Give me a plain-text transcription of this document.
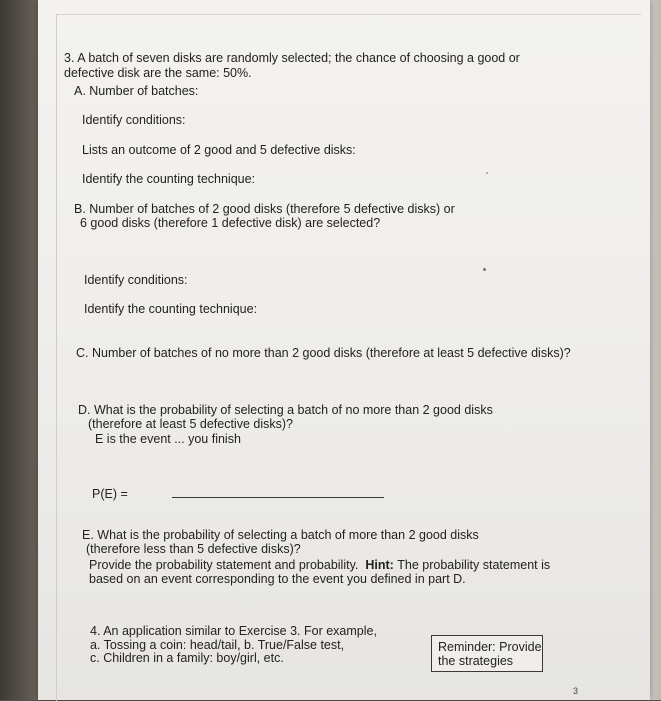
3. A batch of seven disks are randomly selected; the chance of choosing a good or
defective disk are the same: 50%.
A. Number of batches:
Identify conditions:
Lists an outcome of 2 good and 5 defective disks:
Identify the counting technique:
B. Number of batches of 2 good disks (therefore 5 defective disks) or
6 good disks (therefore 1 defective disk) are selected?
Identify conditions:
Identify the counting technique:
C. Number of batches of no more than 2 good disks (therefore at least 5 defective disks)?
D. What is the probability of selecting a batch of no more than 2 good disks
(therefore at least 5 defective disks)?
E is the event ... you finish
P(E) =
E. What is the probability of selecting a batch of more than 2 good disks
(therefore less than 5 defective disks)?
Provide the probability statement and probability. Hint: The probability statement is
based on an event corresponding to the event you defined in part D.
4. An application similar to Exercise 3. For example,
a. Tossing a coin: head/tail, b. True/False test,
c. Children in a family: boy/girl, etc.
Reminder: Provide
the strategies
3
